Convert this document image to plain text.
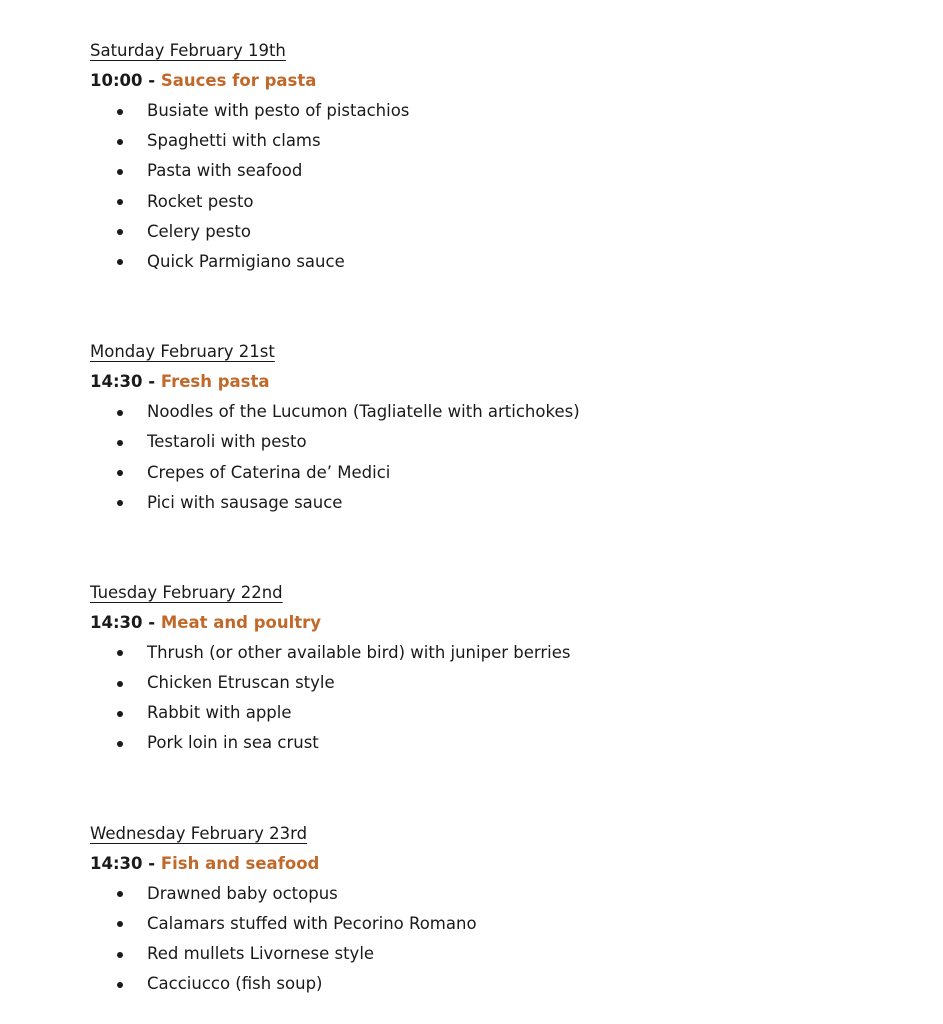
Saturday February 19th
10:00 - Sauces for pasta
Busiate with pesto of pistachios
Spaghetti with clams
Pasta with seafood
Rocket pesto
Celery pesto
Quick Parmigiano sauce
Monday February 21st
14:30 - Fresh pasta
Noodles of the Lucumon (Tagliatelle with artichokes)
Testaroli with pesto
Crepes of Caterina de’ Medici
Pici with sausage sauce
Tuesday February 22nd
14:30 - Meat and poultry
Thrush (or other available bird) with juniper berries
Chicken Etruscan style
Rabbit with apple
Pork loin in sea crust
Wednesday February 23rd
14:30 - Fish and seafood
Drawned baby octopus
Calamars stuffed with Pecorino Romano
Red mullets Livornese style
Cacciucco (fish soup)
